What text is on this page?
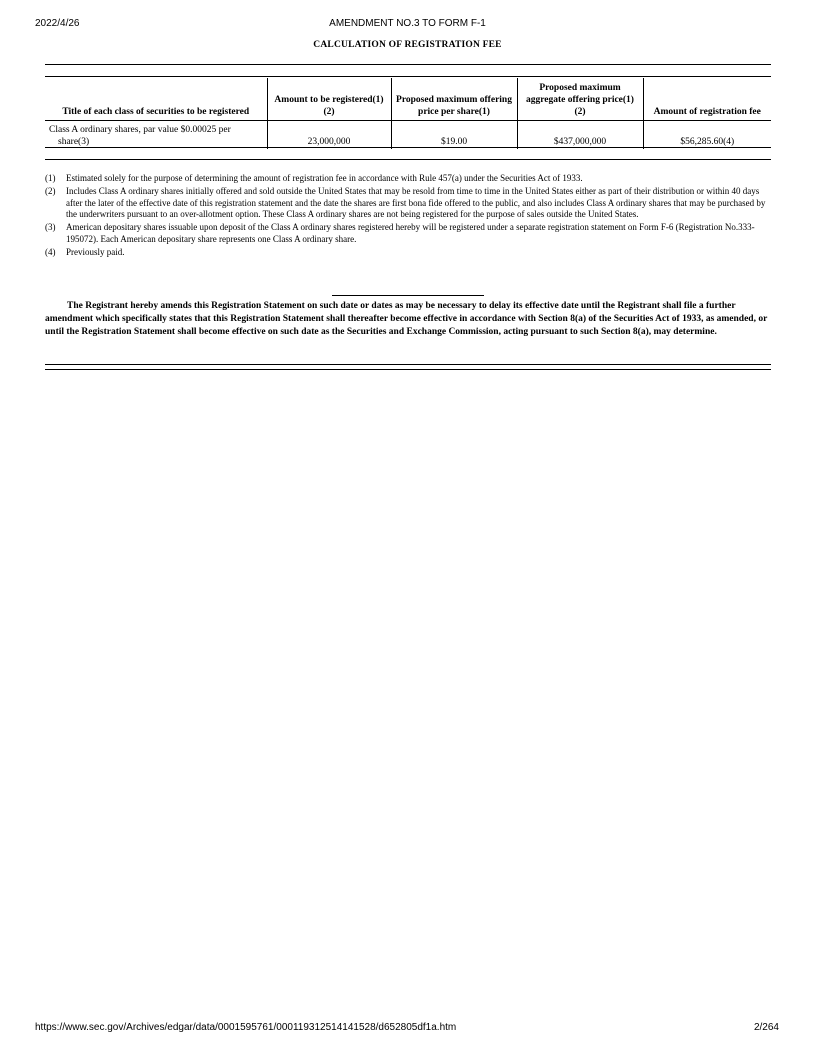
2022/4/26	AMENDMENT NO.3 TO FORM F-1
CALCULATION OF REGISTRATION FEE
Title of each class of securities to be registered	Amount to be registered(1)(2)	Proposed maximum offering price per share(1)	Proposed maximum aggregate offering price(1)(2)	Amount of registration fee

Class A ordinary shares, par value $0.00025 per share(3)	23,000,000	$19.00	$437,000,000	$56,285.60(4)
(1)	Estimated solely for the purpose of determining the amount of registration fee in accordance with Rule 457(a) under the Securities Act of 1933.
(2)	Includes Class A ordinary shares initially offered and sold outside the United States that may be resold from time to time in the United States either as part of their distribution or within 40 days after the later of the effective date of this registration statement and the date the shares are first bona fide offered to the public, and also includes Class A ordinary shares that may be purchased by the underwriters pursuant to an over-allotment option. These Class A ordinary shares are not being registered for the purpose of sales outside the United States.
(3)	American depositary shares issuable upon deposit of the Class A ordinary shares registered hereby will be registered under a separate registration statement on Form F-6 (Registration No.333-195072). Each American depositary share represents one Class A ordinary share.
(4)	Previously paid.

The Registrant hereby amends this Registration Statement on such date or dates as may be necessary to delay its effective date until the Registrant shall file a further amendment which specifically states that this Registration Statement shall thereafter become effective in accordance with Section 8(a) of the Securities Act of 1933, as amended, or until the Registration Statement shall become effective on such date as the Securities and Exchange Commission, acting pursuant to such Section 8(a), may determine.

https://www.sec.gov/Archives/edgar/data/0001595761/000119312514141528/d652805df1a.htm	2/264
